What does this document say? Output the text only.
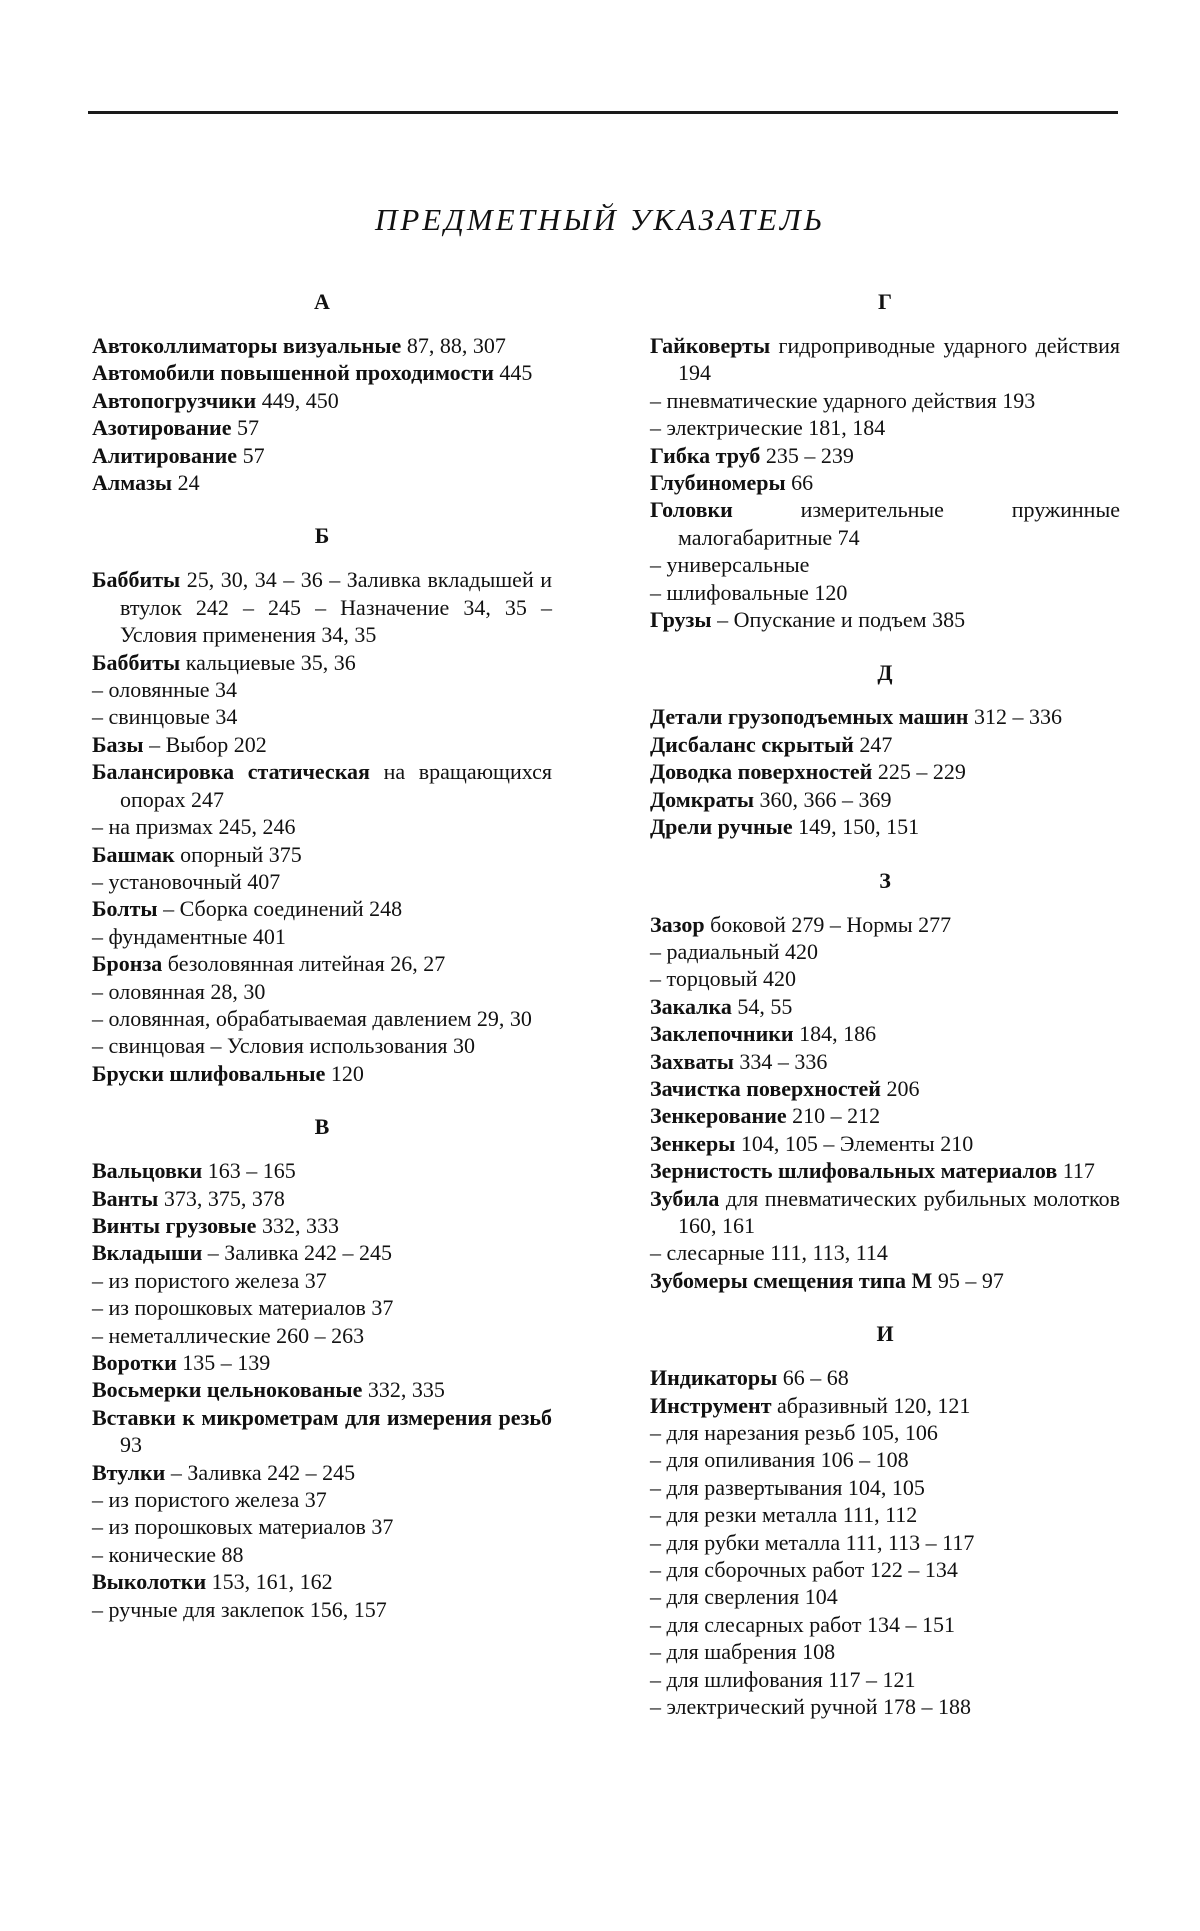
ПРЕДМЕТНЫЙ УКАЗАТЕЛЬ
А
Автоколлиматоры визуальные 87, 88, 307
Автомобили повышенной проходимости 445
Автопогрузчики 449, 450
Азотирование 57
Алитирование 57
Алмазы 24
Б
Баббиты 25, 30, 34 – 36 – Заливка вкладышей и втулок 242 – 245 – Назначение 34, 35 – Условия применения 34, 35
Баббиты кальциевые 35, 36
– оловянные 34
– свинцовые 34
Базы – Выбор 202
Балансировка статическая на вращающихся опорах 247
– на призмах 245, 246
Башмак опорный 375
– установочный 407
Болты – Сборка соединений 248
– фундаментные 401
Бронза безоловянная литейная 26, 27
– оловянная 28, 30
– оловянная, обрабатываемая давлением 29, 30
– свинцовая – Условия использования 30
Бруски шлифовальные 120
В
Вальцовки 163 – 165
Ванты 373, 375, 378
Винты грузовые 332, 333
Вкладыши – Заливка 242 – 245
– из пористого железа 37
– из порошковых материалов 37
– неметаллические 260 – 263
Воротки 135 – 139
Восьмерки цельнокованые 332, 335
Вставки к микрометрам для измерения резьб 93
Втулки – Заливка 242 – 245
– из пористого железа 37
– из порошковых материалов 37
– конические 88
Выколотки 153, 161, 162
– ручные для заклепок 156, 157
Г
Гайковерты гидроприводные ударного действия 194
– пневматические ударного действия 193
– электрические 181, 184
Гибка труб 235 – 239
Глубиномеры 66
Головки измерительные пружинные малогабаритные 74
– универсальные
– шлифовальные 120
Грузы – Опускание и подъем 385
Д
Детали грузоподъемных машин 312 – 336
Дисбаланс скрытый 247
Доводка поверхностей 225 – 229
Домкраты 360, 366 – 369
Дрели ручные 149, 150, 151
З
Зазор боковой 279 – Нормы 277
– радиальный 420
– торцовый 420
Закалка 54, 55
Заклепочники 184, 186
Захваты 334 – 336
Зачистка поверхностей 206
Зенкерование 210 – 212
Зенкеры 104, 105 – Элементы 210
Зернистость шлифовальных материалов 117
Зубила для пневматических рубильных молотков 160, 161
– слесарные 111, 113, 114
Зубомеры смещения типа М 95 – 97
И
Индикаторы 66 – 68
Инструмент абразивный 120, 121
– для нарезания резьб 105, 106
– для опиливания 106 – 108
– для развертывания 104, 105
– для резки металла 111, 112
– для рубки металла 111, 113 – 117
– для сборочных работ 122 – 134
– для сверления 104
– для слесарных работ 134 – 151
– для шабрения 108
– для шлифования 117 – 121
– электрический ручной 178 – 188
